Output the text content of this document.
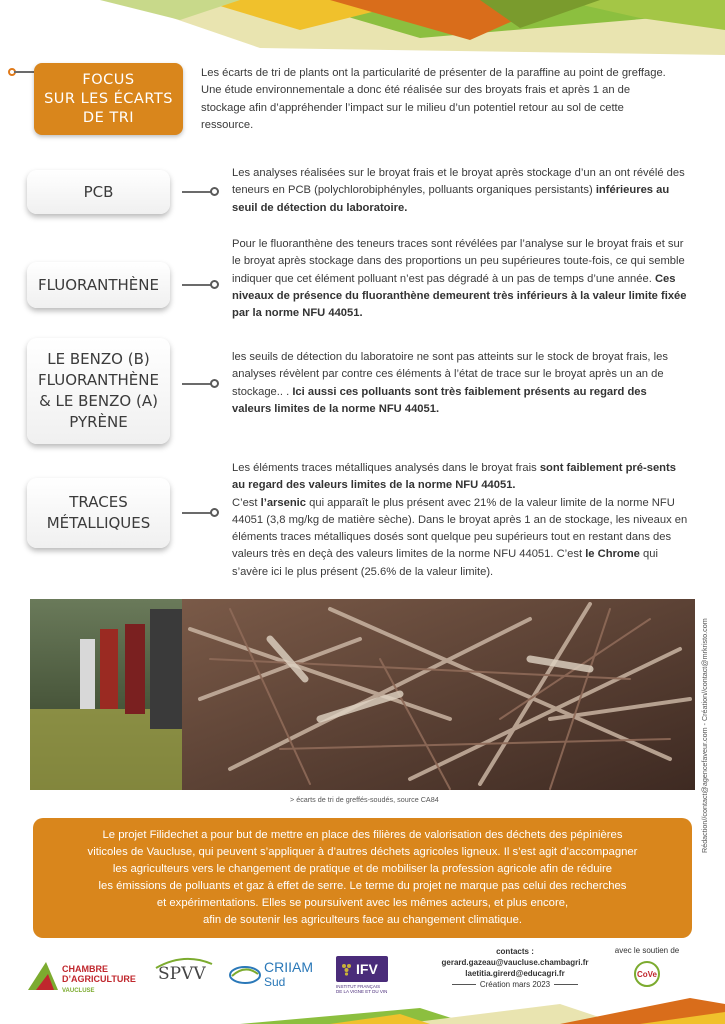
FOCUS
SUR LES ÉCARTS
DE TRI
Les écarts de tri de plants ont la particularité de présenter de la paraffine au point de greffage. Une étude environnementale a donc été réalisée sur des broyats frais et après 1 an de stockage afin d’appréhender l’impact sur le milieu d’un potentiel retour au sol de cette ressource.
PCB
Les analyses réalisées sur le broyat frais et le broyat après stockage d’un an ont révélé des teneurs en PCB (polychlorobiphényles, polluants organiques persistants) inférieures au seuil de détection du laboratoire.
FLUORANTHÈNE
Pour le fluoranthène des teneurs traces sont révélées par l’analyse sur le broyat frais et sur le broyat après stockage dans des proportions un peu supérieures toute-fois, ce qui semble indiquer que cet élément polluant n’est pas dégradé à un pas de temps d’une année. Ces niveaux de présence du fluoranthène demeurent très inférieurs à la valeur limite fixée par la norme NFU 44051.
LE BENZO (B)
FLUORANTHÈNE
& LE BENZO (A)
PYRÈNE
les seuils de détection du laboratoire ne sont pas atteints sur le stock de broyat frais, les analyses révèlent par contre ces éléments à l’état de trace sur le broyat après un an de stockage.. . Ici aussi ces polluants sont très faiblement présents au regard des valeurs limites de la norme NFU 44051.
TRACES
MÉTALLIQUES
Les éléments traces métalliques analysés dans le broyat frais sont faiblement pré-sents au regard des valeurs limites de la norme NFU 44051.
C’est l’arsenic qui apparaît le plus présent avec 21% de la valeur limite de la norme NFU 44051 (3,8 mg/kg de matière sèche). Dans le broyat après 1 an de stockage, les niveaux en éléments traces métalliques dosés sont quelque peu supérieurs tout en restant dans des valeurs très en deçà des valeurs limites de la norme NFU 44051. C’est le Chrome qui s’avère ici le plus présent (25.6% de la valeur limite).
> écarts de tri de greffés-soudés, source CA84	Rédaction//contact@agencefaveur.com - Création//contact@mrkristo.com
Le projet Filidechet a pour but de mettre en place des filières de valorisation des déchets des pépinières
viticoles de Vaucluse, qui peuvent s’appliquer à d’autres déchets agricoles ligneux. Il s’est agit d’accompagner
les agriculteurs vers le changement de pratique et de mobiliser la profession agricole afin de réduire
les émissions de polluants et gaz à effet de serre. Le terme du projet ne marque pas celui des recherches
et expérimentations. Elles se poursuivent avec les mêmes acteurs, et plus encore,
afin de soutenir les agriculteurs face au changement climatique.
CHAMBRE
D’AGRICULTURE
VAUCLUSE
SPVV	CRIIAM
Sud
IFV
INSTITUT FRANÇAIS
DE LA VIGNE ET DU VIN
contacts :
gerard.gazeau@vaucluse.chambagri.fr
laetitia.girerd@educagri.fr
Création mars 2023
avec le soutien de
CoVe
